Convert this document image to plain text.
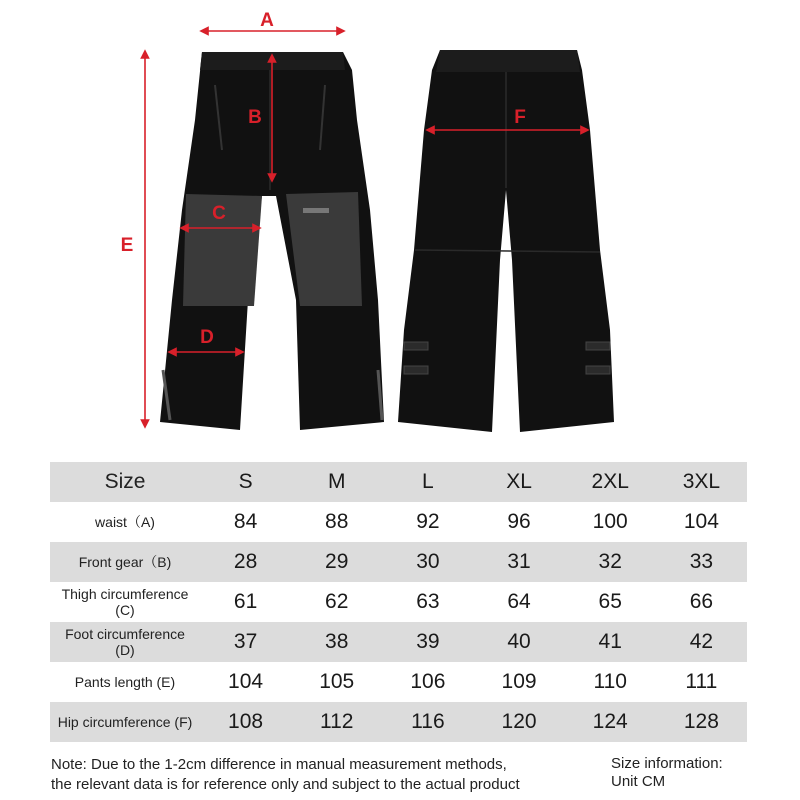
A
B
C
D
E
F
Size	S	M	L	XL	2XL	3XL
waist（A)	84	88	92	96	100	104
Front gear（B)	28	29	30	31	32	33
Thigh circumference
(C)	61	62	63	64	65	66
Foot circumference
(D)	37	38	39	40	41	42
Pants length (E)	104	105	106	109	110	111
Hip circumference (F)	108	112	116	120	124	128
Note: Due to the 1-2cm difference in manual measurement methods,
the relevant data is for reference only and subject to the actual product
Size information:
Unit CM
